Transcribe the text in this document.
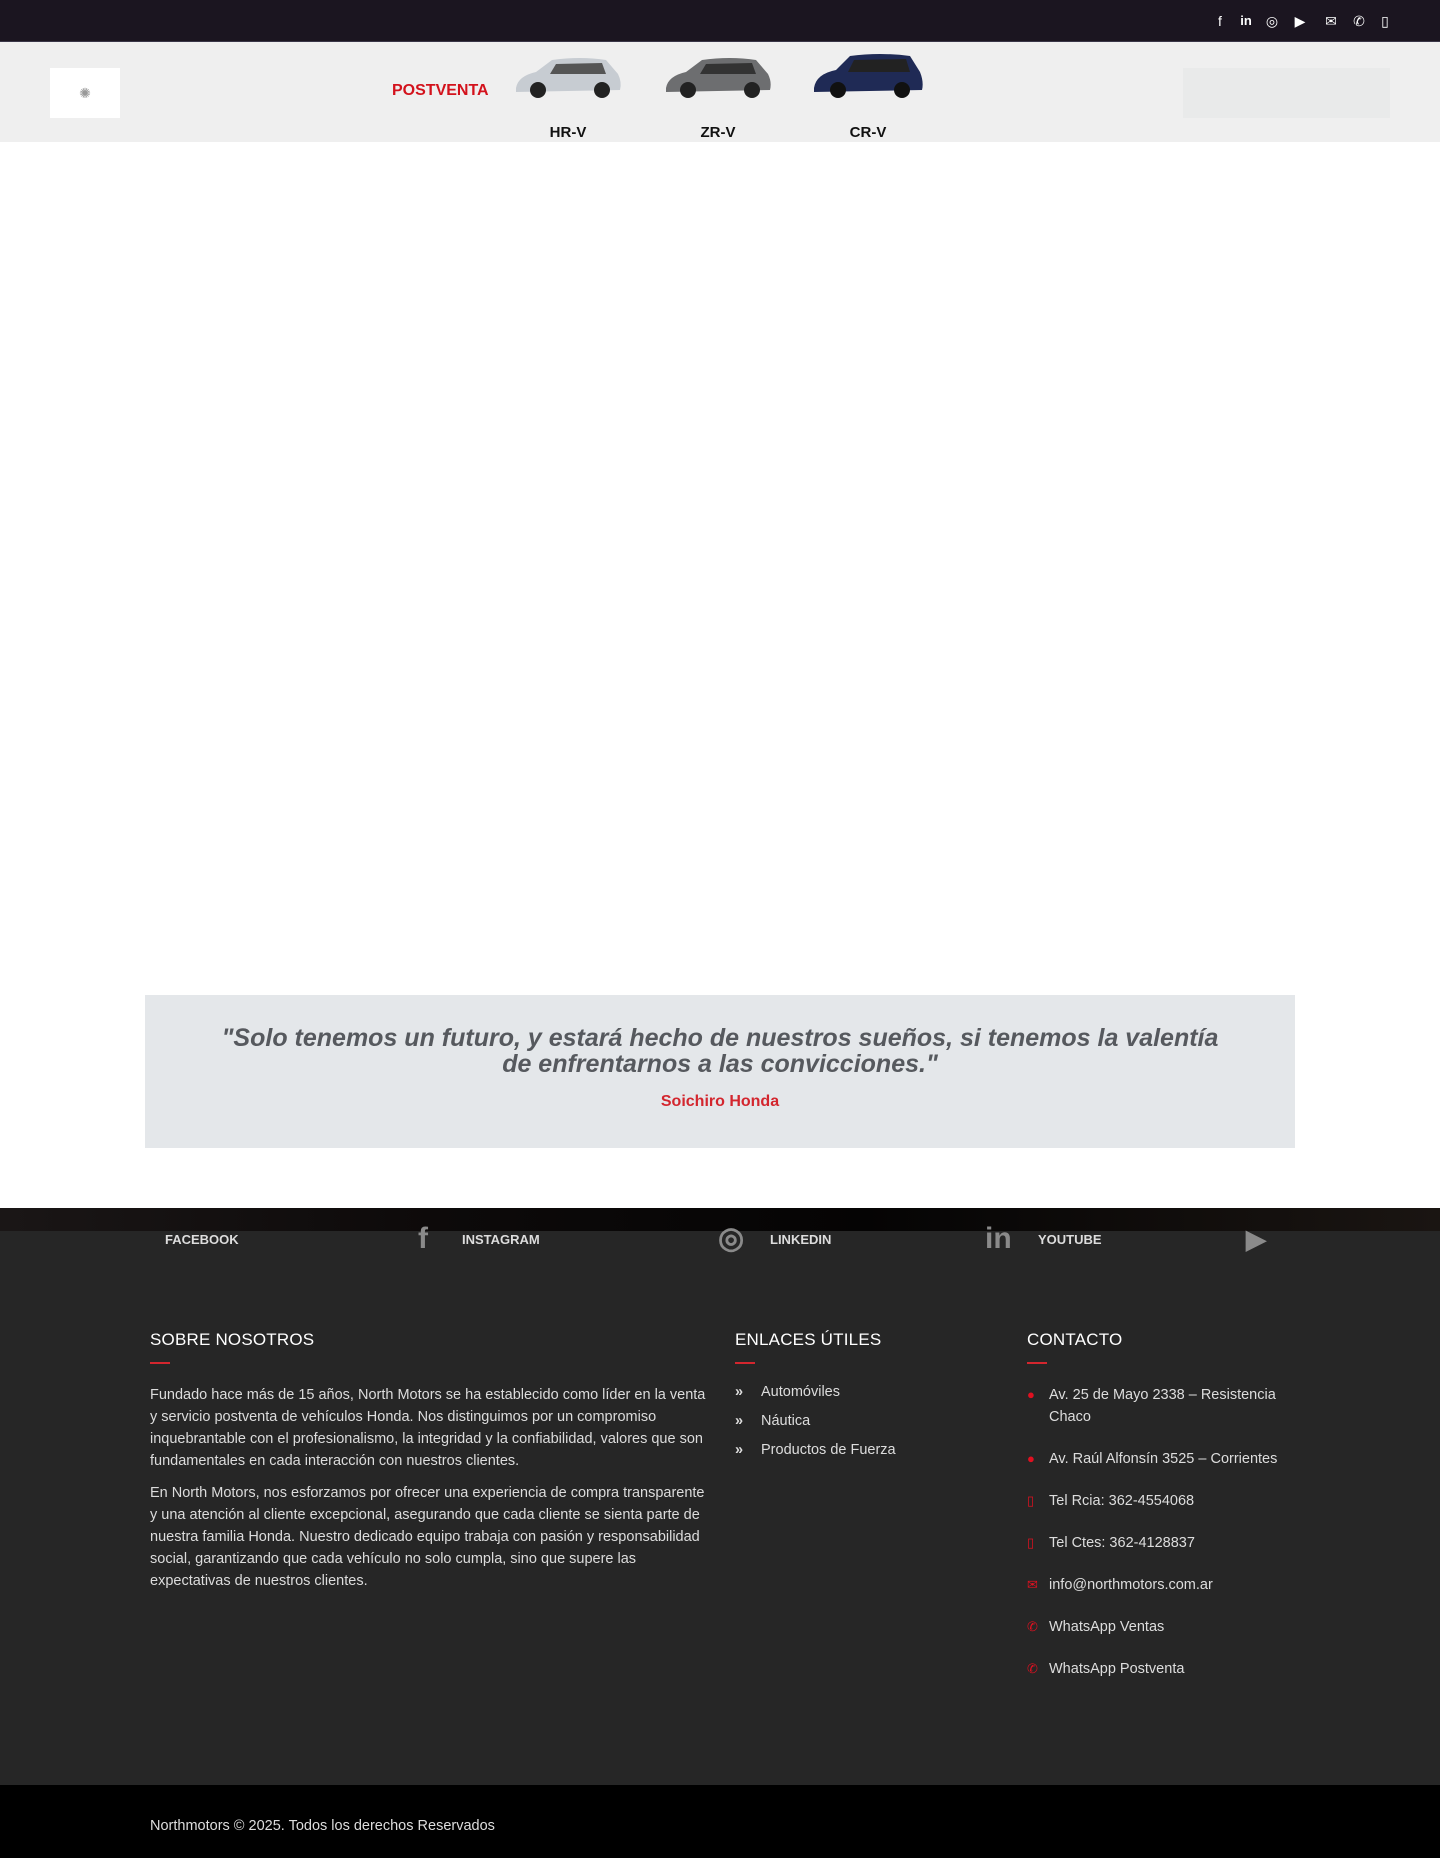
f	in ◎ ▶ ✉ ✆ ▯
✺	POSTVENTA
HR-V	ZR-V	CR-V
"Solo tenemos un futuro, y estará hecho de nuestros sueños, si tenemos la valentía de enfrentarnos a las convicciones."
Soichiro Honda
FACEBOOK	f	INSTAGRAM	◎ LINKEDIN	in YOUTUBE	▶
SOBRE NOSOTROS

Fundado hace más de 15 años, North Motors se ha establecido como líder en la venta y servicio postventa de vehículos Honda. Nos distinguimos por un compromiso inquebrantable con el profesionalismo, la integridad y la confiabilidad, valores que son fundamentales en cada interacción con nuestros clientes.

En North Motors, nos esforzamos por ofrecer una experiencia de compra transparente y una atención al cliente excepcional, asegurando que cada cliente se sienta parte de nuestra familia Honda. Nuestro dedicado equipo trabaja con pasión y responsabilidad social, garantizando que cada vehículo no solo cumpla, sino que supere las expectativas de nuestros clientes.

ENLACES ÚTILES
» Automóviles
» Náutica
» Productos de Fuerza
CONTACTO
● Av. 25 de Mayo 2338 – Resistencia Chaco
● Av. Raúl Alfonsín 3525 – Corrientes
▯	Tel Rcia: 362-4554068
▯	Tel Ctes: 362-4128837
✉ info@northmotors.com.ar
✆ WhatsApp Ventas
✆ WhatsApp Postventa
Northmotors © 2025. Todos los derechos Reservados
